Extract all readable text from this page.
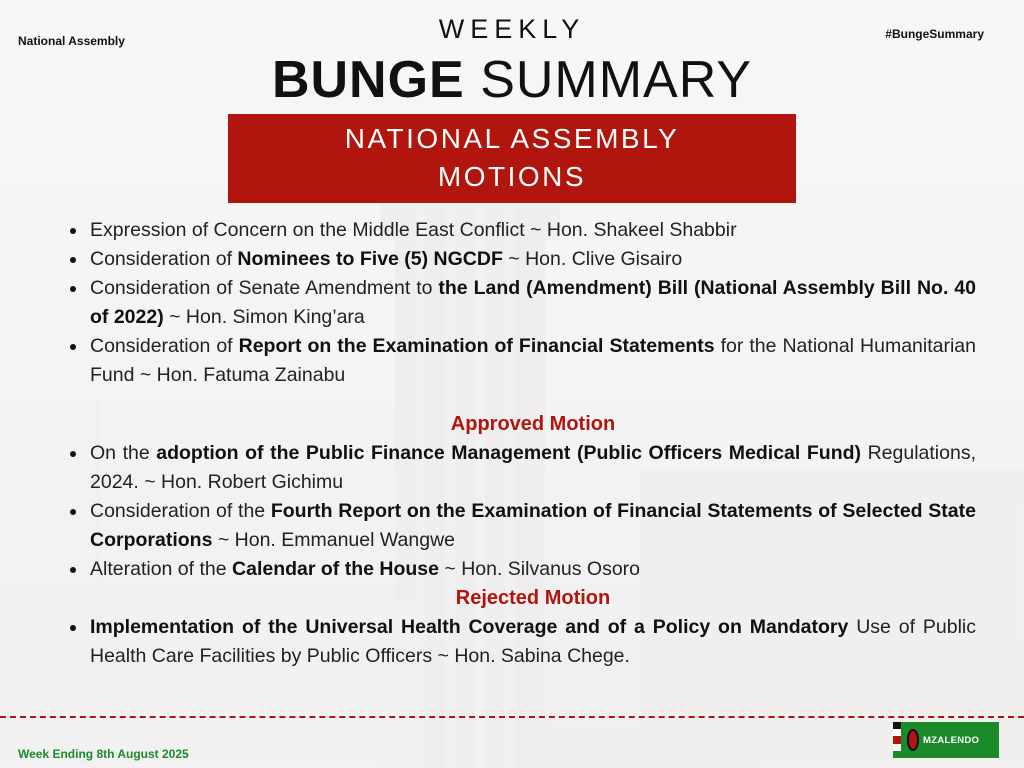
National Assembly	#BungeSummary
WEEKLY
BUNGE SUMMARY
NATIONAL ASSEMBLY
MOTIONS
Expression of Concern on the Middle East Conflict ~ Hon. Shakeel Shabbir
Consideration of Nominees to Five (5) NGCDF ~ Hon. Clive Gisairo
Consideration of Senate Amendment to the Land (Amendment) Bill (National Assembly Bill No. 40 of 2022) ~ Hon. Simon King’ara
Consideration of Report on the Examination of Financial Statements for the National Humanitarian Fund ~ Hon. Fatuma Zainabu
Approved Motion
On the adoption of the Public Finance Management (Public Officers Medical Fund) Regulations, 2024. ~ Hon. Robert Gichimu
Consideration of the Fourth Report on the Examination of Financial Statements of Selected State Corporations ~ Hon. Emmanuel Wangwe
Alteration of the Calendar of the House ~ Hon. Silvanus Osoro
Rejected Motion
Implementation of the Universal Health Coverage and of a Policy on Mandatory Use of Public Health Care Facilities by Public Officers ~ Hon. Sabina Chege.
Week Ending 8th August 2025
MZALENDO
